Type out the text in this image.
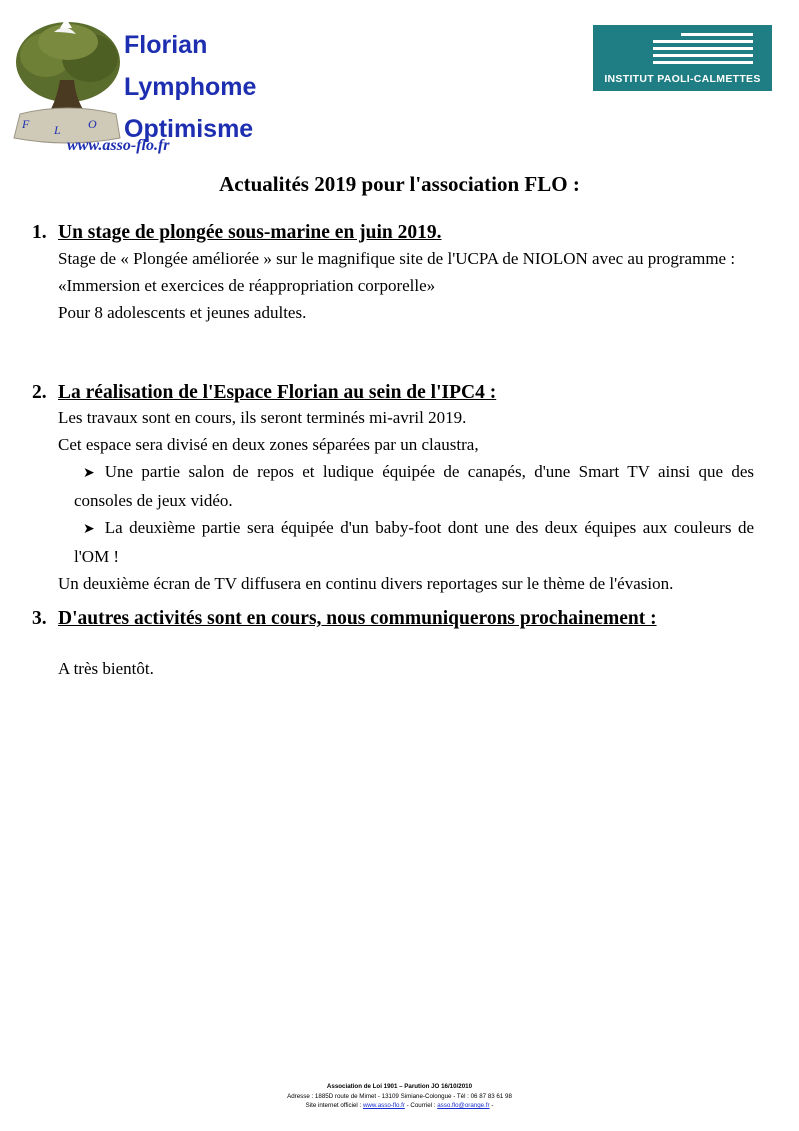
F L O
Florian
Lymphome
Optimisme
www.asso-flo.fr
INSTITUT PAOLI-CALMETTES
Actualités 2019 pour l'association FLO :
1. Un stage de plongée sous-marine en juin 2019.
Stage de « Plongée améliorée » sur le magnifique site de l'UCPA de NIOLON avec au programme :
«Immersion et exercices de réappropriation corporelle»
Pour 8 adolescents et jeunes adultes.
2. La réalisation de l'Espace Florian au sein de l'IPC4 :
Les travaux sont en cours, ils seront terminés mi-avril 2019.
Cet espace sera divisé en deux zones séparées par un claustra,
➤ Une partie salon de repos et ludique équipée de canapés, d'une Smart TV ainsi que des consoles de jeux vidéo.
➤ La deuxième partie sera équipée d'un baby-foot dont une des deux équipes aux couleurs de l'OM !
Un deuxième écran de TV diffusera en continu divers reportages sur le thème de l'évasion.
3. D'autres activités sont en cours, nous communiquerons prochainement :
A très bientôt.
Association de Loi 1901 – Parution JO 16/10/2010
Adresse : 1885D route de Mimet - 13109 Simiane-Colongue - Tél : 06 87 83 61 98
Site internet officiel : www.asso-flo.fr - Courriel : asso.flo@orange.fr -
